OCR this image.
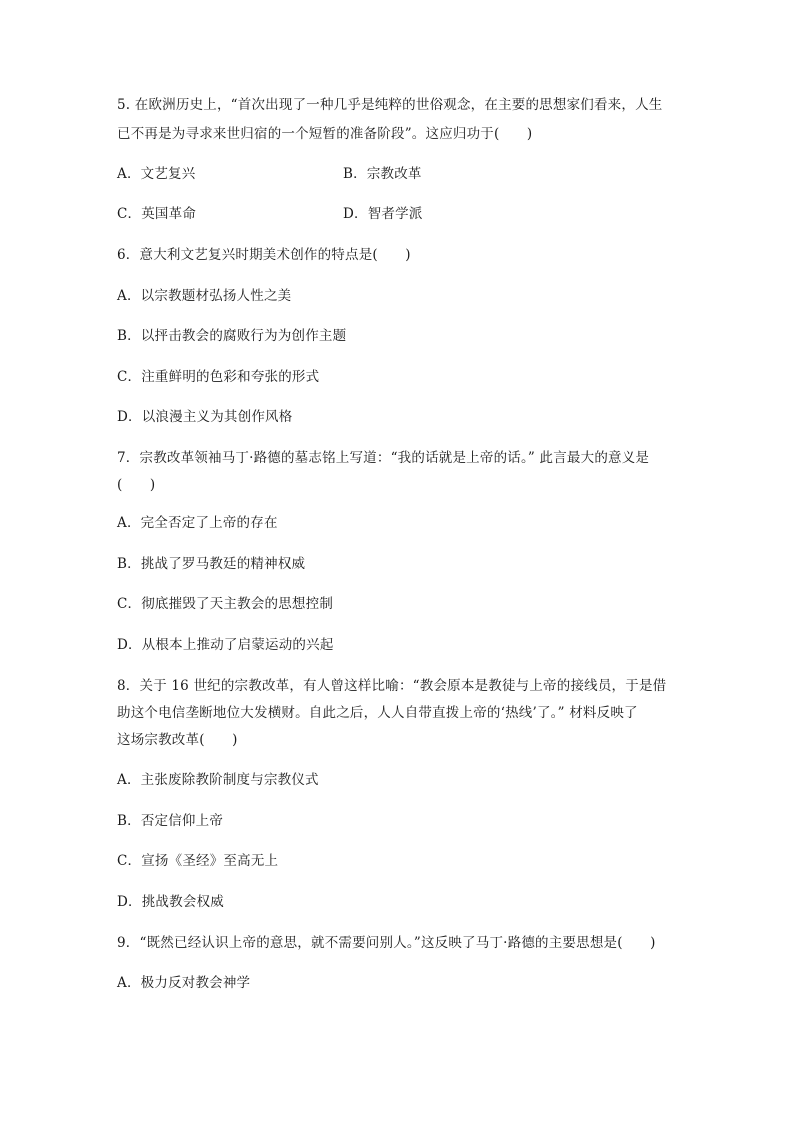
5. 在欧洲历史上，“首次出现了一种几乎是纯粹的世俗观念，在主要的思想家们看来，人生
已不再是为寻求来世归宿的一个短暂的准备阶段”。这应归功于(　　)
A．文艺复兴	B．宗教改革
C．英国革命	D．智者学派
6．意大利文艺复兴时期美术创作的特点是(　　)
A．以宗教题材弘扬人性之美
B．以抨击教会的腐败行为为创作主题
C．注重鲜明的色彩和夸张的形式
D．以浪漫主义为其创作风格
7．宗教改革领袖马丁·路德的墓志铭上写道：“我的话就是上帝的话。” 此言最大的意义是
(　　)
A．完全否定了上帝的存在
B．挑战了罗马教廷的精神权威
C．彻底摧毁了天主教会的思想控制
D．从根本上推动了启蒙运动的兴起
8．关于 16 世纪的宗教改革，有人曾这样比喻：“教会原本是教徒与上帝的接线员，于是借
助这个电信垄断地位大发横财。自此之后，人人自带直拨上帝的‘热线’了。” 材料反映了
这场宗教改革(　　)
A．主张废除教阶制度与宗教仪式
B．否定信仰上帝
C．宣扬《圣经》至高无上
D．挑战教会权威
9．“既然已经认识上帝的意思，就不需要问别人。”这反映了马丁·路德的主要思想是(　　)
A．极力反对教会神学
